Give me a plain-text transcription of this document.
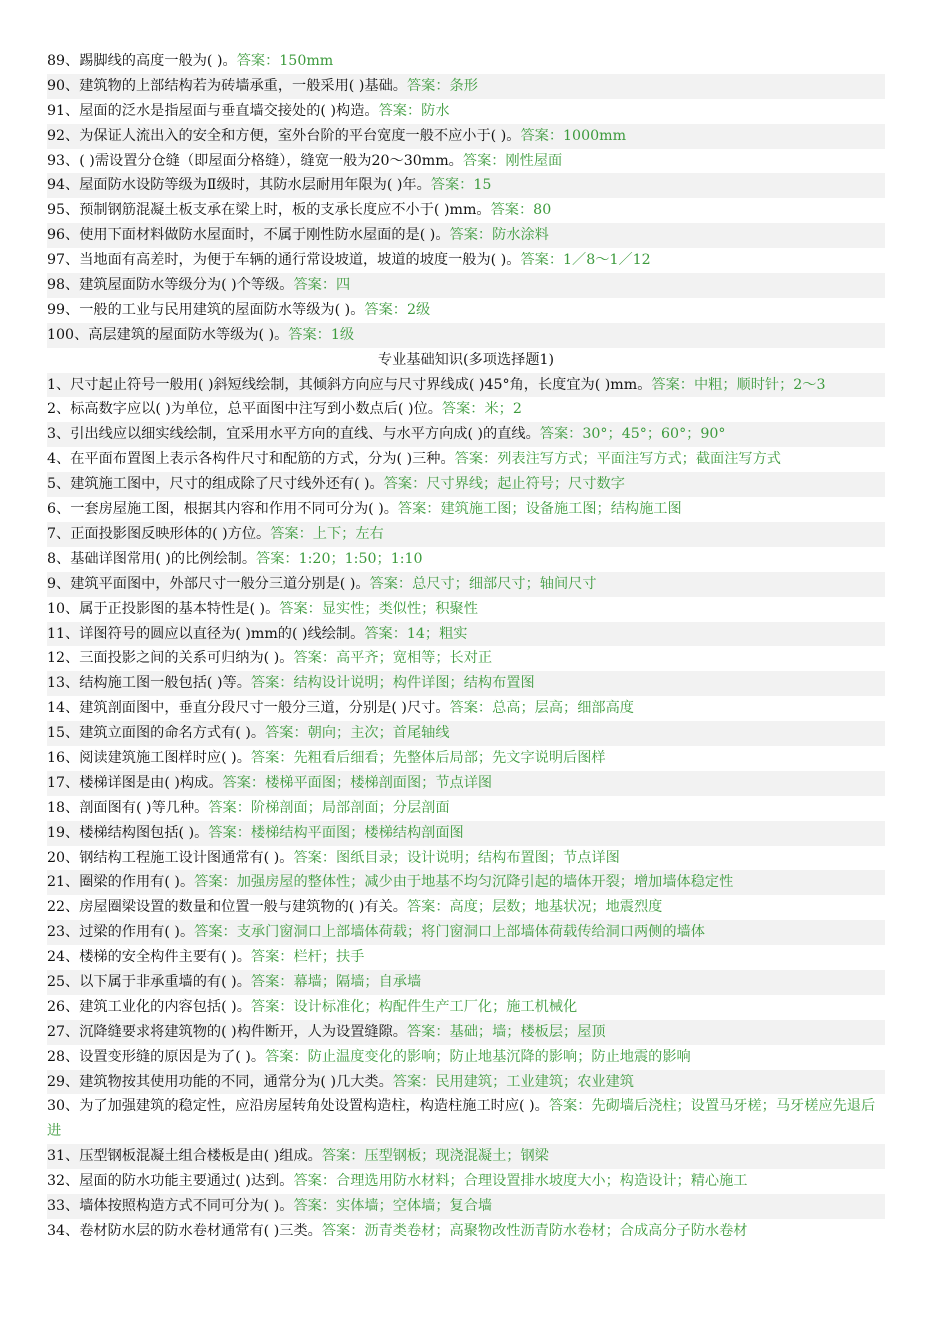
89、踢脚线的高度一般为( )。答案：150mm
90、建筑物的上部结构若为砖墙承重，一般采用( )基础。答案：条形
91、屋面的泛水是指屋面与垂直墙交接处的( )构造。答案：防水
92、为保证人流出入的安全和方便，室外台阶的平台宽度一般不应小于( )。答案：1000mm
93、( )需设置分仓缝（即屋面分格缝），缝宽一般为20～30mm。答案：刚性屋面
94、屋面防水设防等级为Ⅱ级时，其防水层耐用年限为( )年。答案：15
95、预制钢筋混凝土板支承在梁上时，板的支承长度应不小于( )mm。答案：80
96、使用下面材料做防水屋面时，不属于刚性防水屋面的是( )。答案：防水涂料
97、当地面有高差时，为便于车辆的通行常设坡道，坡道的坡度一般为( )。答案：1／8～1／12
98、建筑屋面防水等级分为( )个等级。答案：四
99、一般的工业与民用建筑的屋面防水等级为( )。答案：2级
100、高层建筑的屋面防水等级为( )。答案：1级
专业基础知识(多项选择题1)
1、尺寸起止符号一般用( )斜短线绘制，其倾斜方向应与尺寸界线成( )45°角，长度宜为( )mm。答案：中粗；顺时针；2～3
2、标高数字应以( )为单位，总平面图中注写到小数点后( )位。答案：米；2
3、引出线应以细实线绘制，宜采用水平方向的直线、与水平方向成( )的直线。答案：30°；45°；60°；90°
4、在平面布置图上表示各构件尺寸和配筋的方式，分为( )三种。答案：列表注写方式；平面注写方式；截面注写方式
5、建筑施工图中，尺寸的组成除了尺寸线外还有( )。答案：尺寸界线；起止符号；尺寸数字
6、一套房屋施工图，根据其内容和作用不同可分为( )。答案：建筑施工图；设备施工图；结构施工图
7、正面投影图反映形体的( )方位。答案：上下；左右
8、基础详图常用( )的比例绘制。答案：1:20；1:50；1:10
9、建筑平面图中，外部尺寸一般分三道分别是( )。答案：总尺寸；细部尺寸；轴间尺寸
10、属于正投影图的基本特性是( )。答案：显实性；类似性；积聚性
11、详图符号的圆应以直径为( )mm的( )线绘制。答案：14；粗实
12、三面投影之间的关系可归纳为( )。答案：高平齐；宽相等；长对正
13、结构施工图一般包括( )等。答案：结构设计说明；构件详图；结构布置图
14、建筑剖面图中，垂直分段尺寸一般分三道，分别是( )尺寸。答案：总高；层高；细部高度
15、建筑立面图的命名方式有( )。答案：朝向；主次；首尾轴线
16、阅读建筑施工图样时应( )。答案：先粗看后细看；先整体后局部；先文字说明后图样
17、楼梯详图是由( )构成。答案：楼梯平面图；楼梯剖面图；节点详图
18、剖面图有( )等几种。答案：阶梯剖面；局部剖面；分层剖面
19、楼梯结构图包括( )。答案：楼梯结构平面图；楼梯结构剖面图
20、钢结构工程施工设计图通常有( )。答案：图纸目录；设计说明；结构布置图；节点详图
21、圈梁的作用有( )。答案：加强房屋的整体性；减少由于地基不均匀沉降引起的墙体开裂；增加墙体稳定性
22、房屋圈梁设置的数量和位置一般与建筑物的( )有关。答案：高度；层数；地基状况；地震烈度
23、过梁的作用有( )。答案：支承门窗洞口上部墙体荷载；将门窗洞口上部墙体荷载传给洞口两侧的墙体
24、楼梯的安全构件主要有( )。答案：栏杆；扶手
25、以下属于非承重墙的有( )。答案：幕墙；隔墙；自承墙
26、建筑工业化的内容包括( )。答案：设计标准化；构配件生产工厂化；施工机械化
27、沉降缝要求将建筑物的( )构件断开，人为设置缝隙。答案：基础；墙；楼板层；屋顶
28、设置变形缝的原因是为了( )。答案：防止温度变化的影响；防止地基沉降的影响；防止地震的影响
29、建筑物按其使用功能的不同，通常分为( )几大类。答案：民用建筑；工业建筑；农业建筑
30、为了加强建筑的稳定性，应沿房屋转角处设置构造柱，构造柱施工时应( )。答案：先砌墙后浇柱；设置马牙槎；马牙槎应先退后进
31、压型钢板混凝土组合楼板是由( )组成。答案：压型钢板；现浇混凝土；钢梁
32、屋面的防水功能主要通过( )达到。答案：合理选用防水材料；合理设置排水坡度大小；构造设计；精心施工
33、墙体按照构造方式不同可分为( )。答案：实体墙；空体墙；复合墙
34、卷材防水层的防水卷材通常有( )三类。答案：沥青类卷材；高聚物改性沥青防水卷材；合成高分子防水卷材
